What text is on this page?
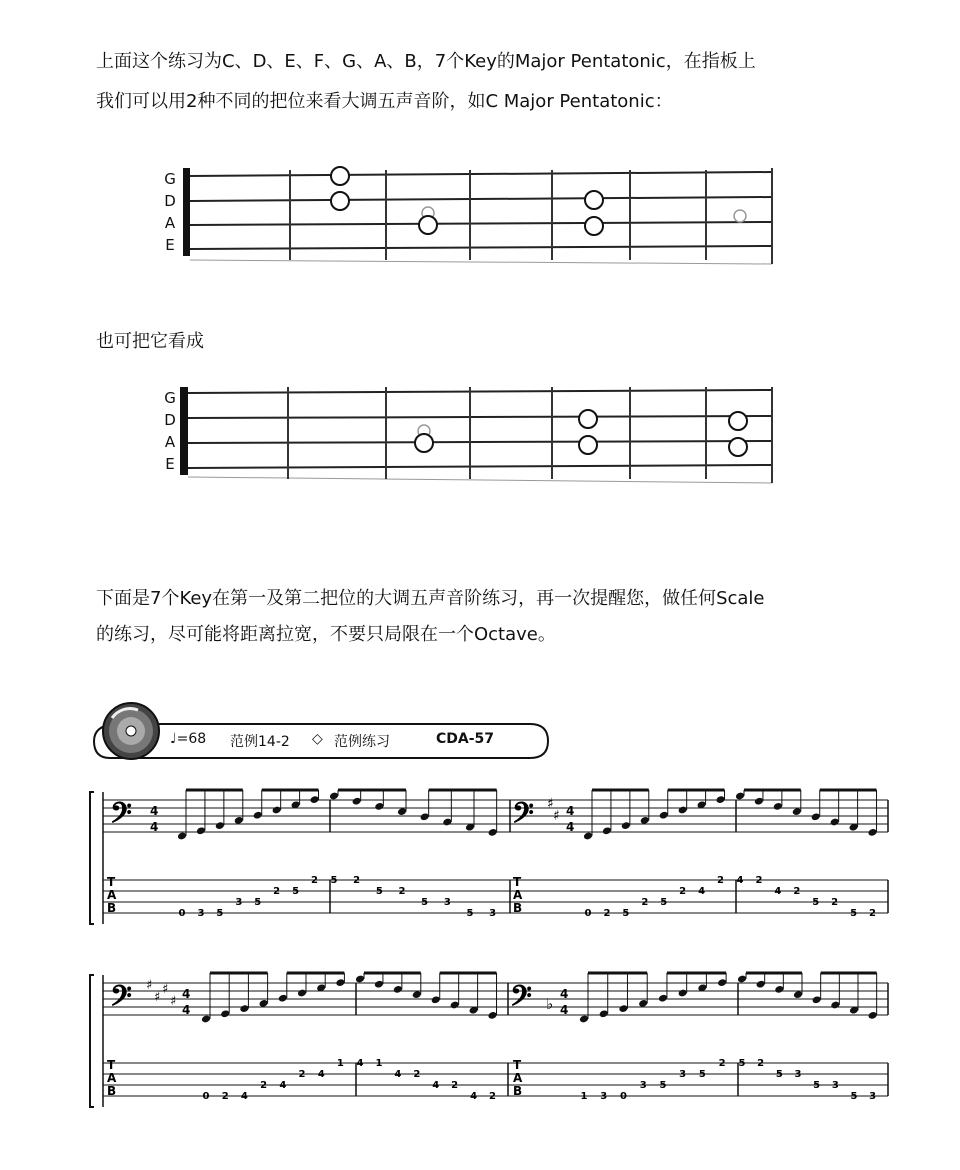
上面这个练习为C、D、E、F、G、A、B，7个Key的Major Pentatonic，在指板上

我们可以用2种不同的把位来看大调五声音阶，如C Major Pentatonic：

G
D
A
E

也可把它看成

G
D
A
E

下面是7个Key在第一及第二把位的大调五声音阶练习，再一次提醒您，做任何Scale

的练习，尽可能将距离拉宽，不要只局限在一个Octave。

♩=68 范例14-2 ◇ 范例练习	CDA-57
𝄢 4
4	𝄢 ♯
♯ 4
4
T
A
B
T
A
B
0 3 5
3 5
2 5
2 5 2
5 2
5 3
5 3	0 2 5
2 5
2 4
2 4 2
4 2
5 2
5 2
𝄢 ♯
♯
♯
♯ 4
4	𝄢 ♭
4
4
T
A
B
T
A
B
0 2 4
2 4
2 4
1 4 1
4 2
4 2
4 2	1 3 0
3 5
3 5
2 5 2
5 3
5 3
5 3
